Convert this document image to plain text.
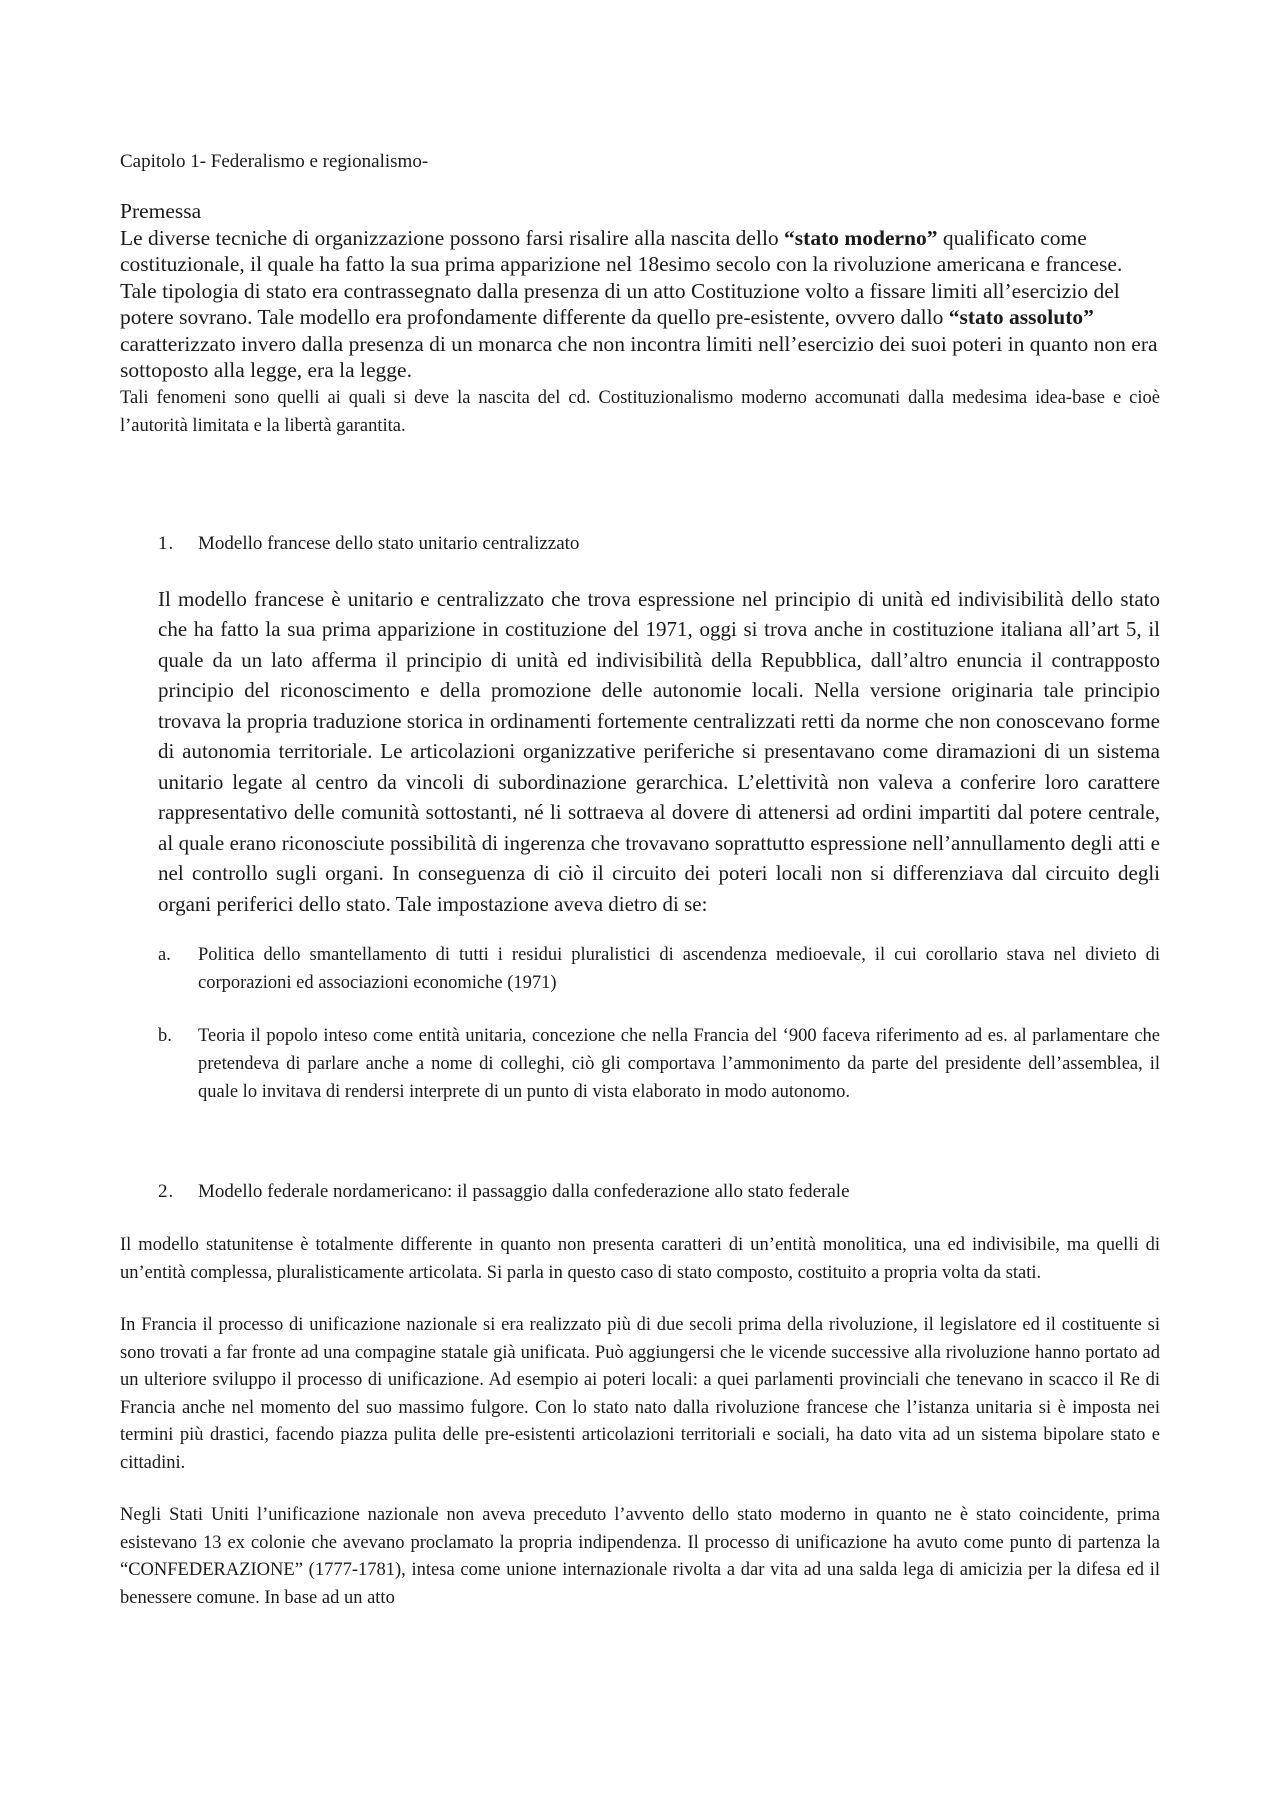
Capitolo 1- Federalismo e regionalismo-

Premessa

Le diverse tecniche di organizzazione possono farsi risalire alla nascita dello “stato moderno” qualificato come costituzionale, il quale ha fatto la sua prima apparizione nel 18esimo secolo con la rivoluzione americana e francese. Tale tipologia di stato era contrassegnato dalla presenza di un atto Costituzione volto a fissare limiti all’esercizio del potere sovrano. Tale modello era profondamente differente da quello pre-esistente, ovvero dallo “stato assoluto” caratterizzato invero dalla presenza di un monarca che non incontra limiti nell’esercizio dei suoi poteri in quanto non era sottoposto alla legge, era la legge.

Tali fenomeni sono quelli ai quali si deve la nascita del cd. Costituzionalismo moderno accomunati dalla medesima idea-base e cioè l’autorità limitata e la libertà garantita.

1.	Modello francese dello stato unitario centralizzato

Il modello francese è unitario e centralizzato che trova espressione nel principio di unità ed indivisibilità dello stato che ha fatto la sua prima apparizione in costituzione del 1971, oggi si trova anche in costituzione italiana all’art 5, il quale da un lato afferma il principio di unità ed indivisibilità della Repubblica, dall’altro enuncia il contrapposto principio del riconoscimento e della promozione delle autonomie locali. Nella versione originaria tale principio trovava la propria traduzione storica in ordinamenti fortemente centralizzati retti da norme che non conoscevano forme di autonomia territoriale. Le articolazioni organizzative periferiche si presentavano come diramazioni di un sistema unitario legate al centro da vincoli di subordinazione gerarchica. L’elettività non valeva a conferire loro carattere rappresentativo delle comunità sottostanti, né li sottraeva al dovere di attenersi ad ordini impartiti dal potere centrale, al quale erano riconosciute possibilità di ingerenza che trovavano soprattutto espressione nell’annullamento degli atti e nel controllo sugli organi. In conseguenza di ciò il circuito dei poteri locali non si differenziava dal circuito degli organi periferici dello stato. Tale impostazione aveva dietro di se:

a.	Politica dello smantellamento di tutti i residui pluralistici di ascendenza medioevale, il cui corollario stava nel divieto di corporazioni ed associazioni economiche (1971)
b.	Teoria il popolo inteso come entità unitaria, concezione che nella Francia del ‘900 faceva riferimento ad es. al parlamentare che pretendeva di parlare anche a nome di colleghi, ciò gli comportava l’ammonimento da parte del presidente dell’assemblea, il quale lo invitava di rendersi interprete di un punto di vista elaborato in modo autonomo.
2.	Modello federale nordamericano: il passaggio dalla confederazione allo stato federale

Il modello statunitense è totalmente differente in quanto non presenta caratteri di un’entità monolitica, una ed indivisibile, ma quelli di un’entità complessa, pluralisticamente articolata. Si parla in questo caso di stato composto, costituito a propria volta da stati.

In Francia il processo di unificazione nazionale si era realizzato più di due secoli prima della rivoluzione, il legislatore ed il costituente si sono trovati a far fronte ad una compagine statale già unificata. Può aggiungersi che le vicende successive alla rivoluzione hanno portato ad un ulteriore sviluppo il processo di unificazione. Ad esempio ai poteri locali: a quei parlamenti provinciali che tenevano in scacco il Re di Francia anche nel momento del suo massimo fulgore. Con lo stato nato dalla rivoluzione francese che l’istanza unitaria si è imposta nei termini più drastici, facendo piazza pulita delle pre-esistenti articolazioni territoriali e sociali, ha dato vita ad un sistema bipolare stato e cittadini.

Negli Stati Uniti l’unificazione nazionale non aveva preceduto l’avvento dello stato moderno in quanto ne è stato coincidente, prima esistevano 13 ex colonie che avevano proclamato la propria indipendenza. Il processo di unificazione ha avuto come punto di partenza la “CONFEDERAZIONE” (1777-1781), intesa come unione internazionale rivolta a dar vita ad una salda lega di amicizia per la difesa ed il benessere comune. In base ad un atto
